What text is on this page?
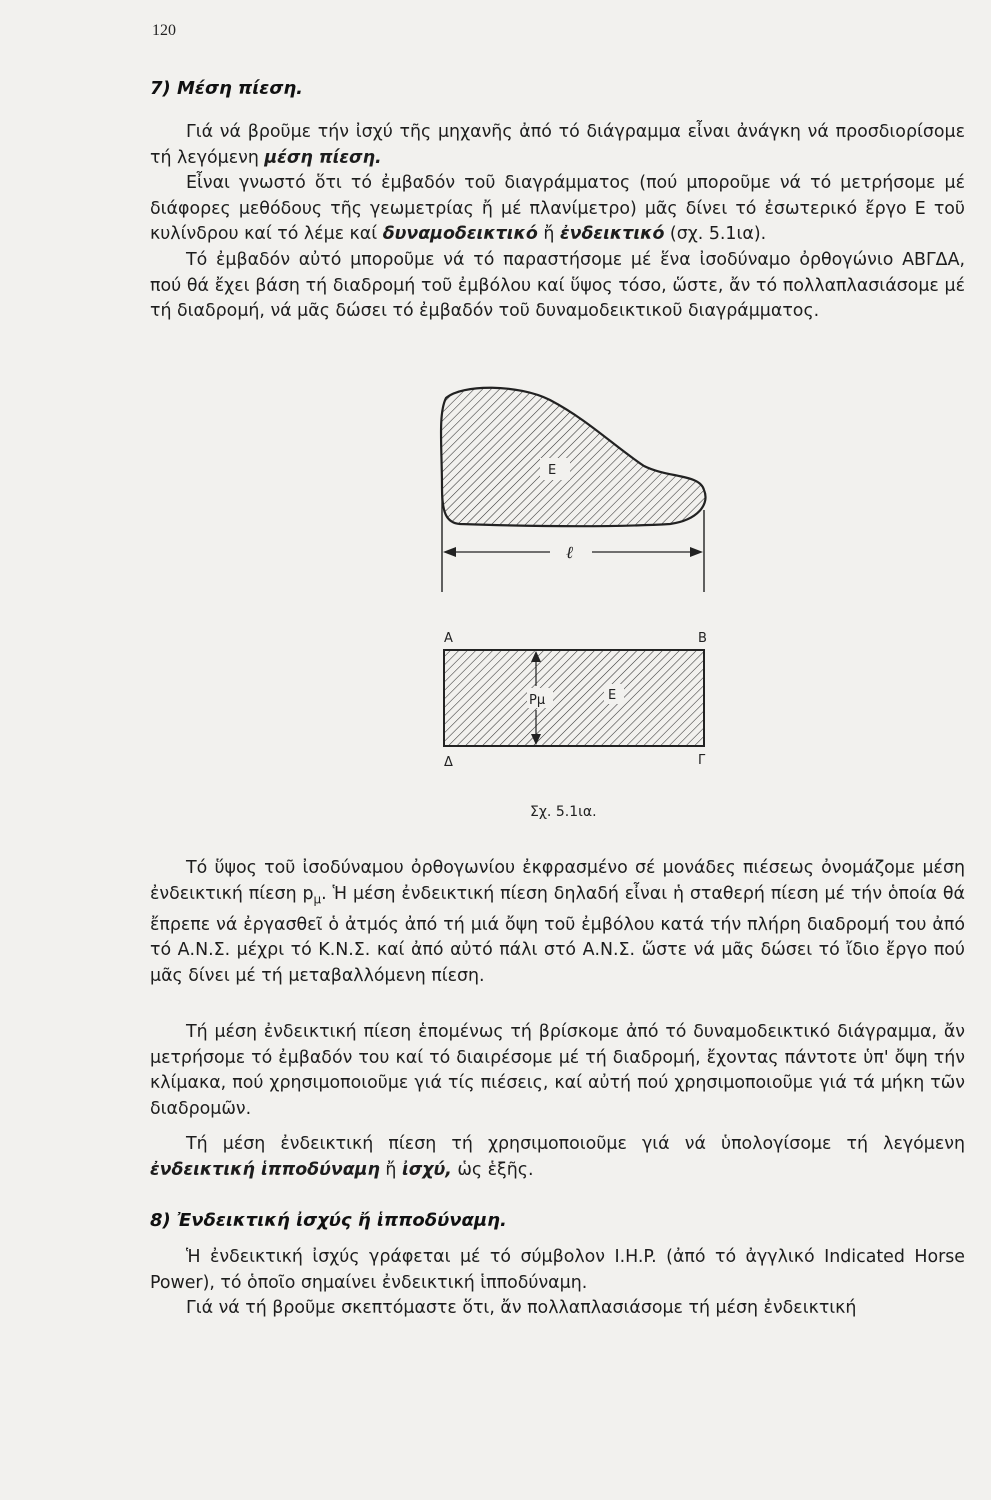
120
7) Μέση πίεση.

Γιά νά βροῦμε τήν ἰσχύ τῆς μηχανῆς ἀπό τό διάγραμμα εἶναι ἀνάγκη νά προσδιορίσομε τή λεγόμενη μέση πίεση.

Εἶναι γνωστό ὅτι τό ἐμβαδόν τοῦ διαγράμματος (πού μποροῦμε νά τό μετρήσομε μέ διάφορες μεθόδους τῆς γεωμετρίας ἤ μέ πλανίμετρο) μᾶς δίνει τό ἐσωτερικό ἔργο Ε τοῦ κυλίνδρου καί τό λέμε καί δυναμοδεικτικό ἤ ἐνδεικτικό (σχ. 5.1ια).

Τό ἐμβαδόν αὐτό μποροῦμε νά τό παραστήσομε μέ ἕνα ἰσοδύναμο ὀρθογώνιο ΑΒΓΔΑ, πού θά ἔχει βάση τή διαδρομή τοῦ ἐμβόλου καί ὕψος τόσο, ὥστε, ἄν τό πολλαπλασιάσομε μέ τή διαδρομή, νά μᾶς δώσει τό ἐμβαδόν τοῦ δυναμοδεικτικοῦ διαγράμματος.

E
ℓ
A	B
Pμ	E
Δ	Γ
Σχ. 5.1ια.

Τό ὕψος τοῦ ἰσοδύναμου ὀρθογωνίου ἐκφρασμένο σέ μονάδες πιέσεως ὀνομάζομε μέση ἐνδεικτική πίεση $p_\mu$. Ἡ μέση ἐνδεικτική πίεση δηλαδή εἶναι ἡ σταθερή πίεση μέ τήν ὁποία θά ἔπρεπε νά ἐργασθεῖ ὁ ἀτμός ἀπό τή μιά ὄψη τοῦ ἐμβόλου κατά τήν πλήρη διαδρομή του ἀπό τό Α.Ν.Σ. μέχρι τό Κ.Ν.Σ. καί ἀπό αὐτό πάλι στό Α.Ν.Σ. ὥστε νά μᾶς δώσει τό ἴδιο ἔργο πού μᾶς δίνει μέ τή μεταβαλλόμενη πίεση.

Τή μέση ἐνδεικτική πίεση ἑπομένως τή βρίσκομε ἀπό τό δυναμοδεικτικό διάγραμμα, ἄν μετρήσομε τό ἐμβαδόν του καί τό διαιρέσομε μέ τή διαδρομή, ἔχοντας πάντοτε ὑπ' ὄψη τήν κλίμακα, πού χρησιμοποιοῦμε γιά τίς πιέσεις, καί αὐτή πού χρησιμοποιοῦμε γιά τά μήκη τῶν διαδρομῶν.

Τή μέση ἐνδεικτική πίεση τή χρησιμοποιοῦμε γιά νά ὑπολογίσομε τή λεγόμενη ἐνδεικτική ἱπποδύναμη ἤ ἰσχύ, ὡς ἑξῆς.

8) Ἐνδεικτική ἰσχύς ἤ ἱπποδύναμη.

Ἡ ἐνδεικτική ἰσχύς γράφεται μέ τό σύμβολον I.H.P. (ἀπό τό ἀγγλικό Indicated Horse Power), τό ὁποῖο σημαίνει ἐνδεικτική ἱπποδύναμη.

Γιά νά τή βροῦμε σκεπτόμαστε ὅτι, ἄν πολλαπλασιάσομε τή μέση ἐνδεικτική
